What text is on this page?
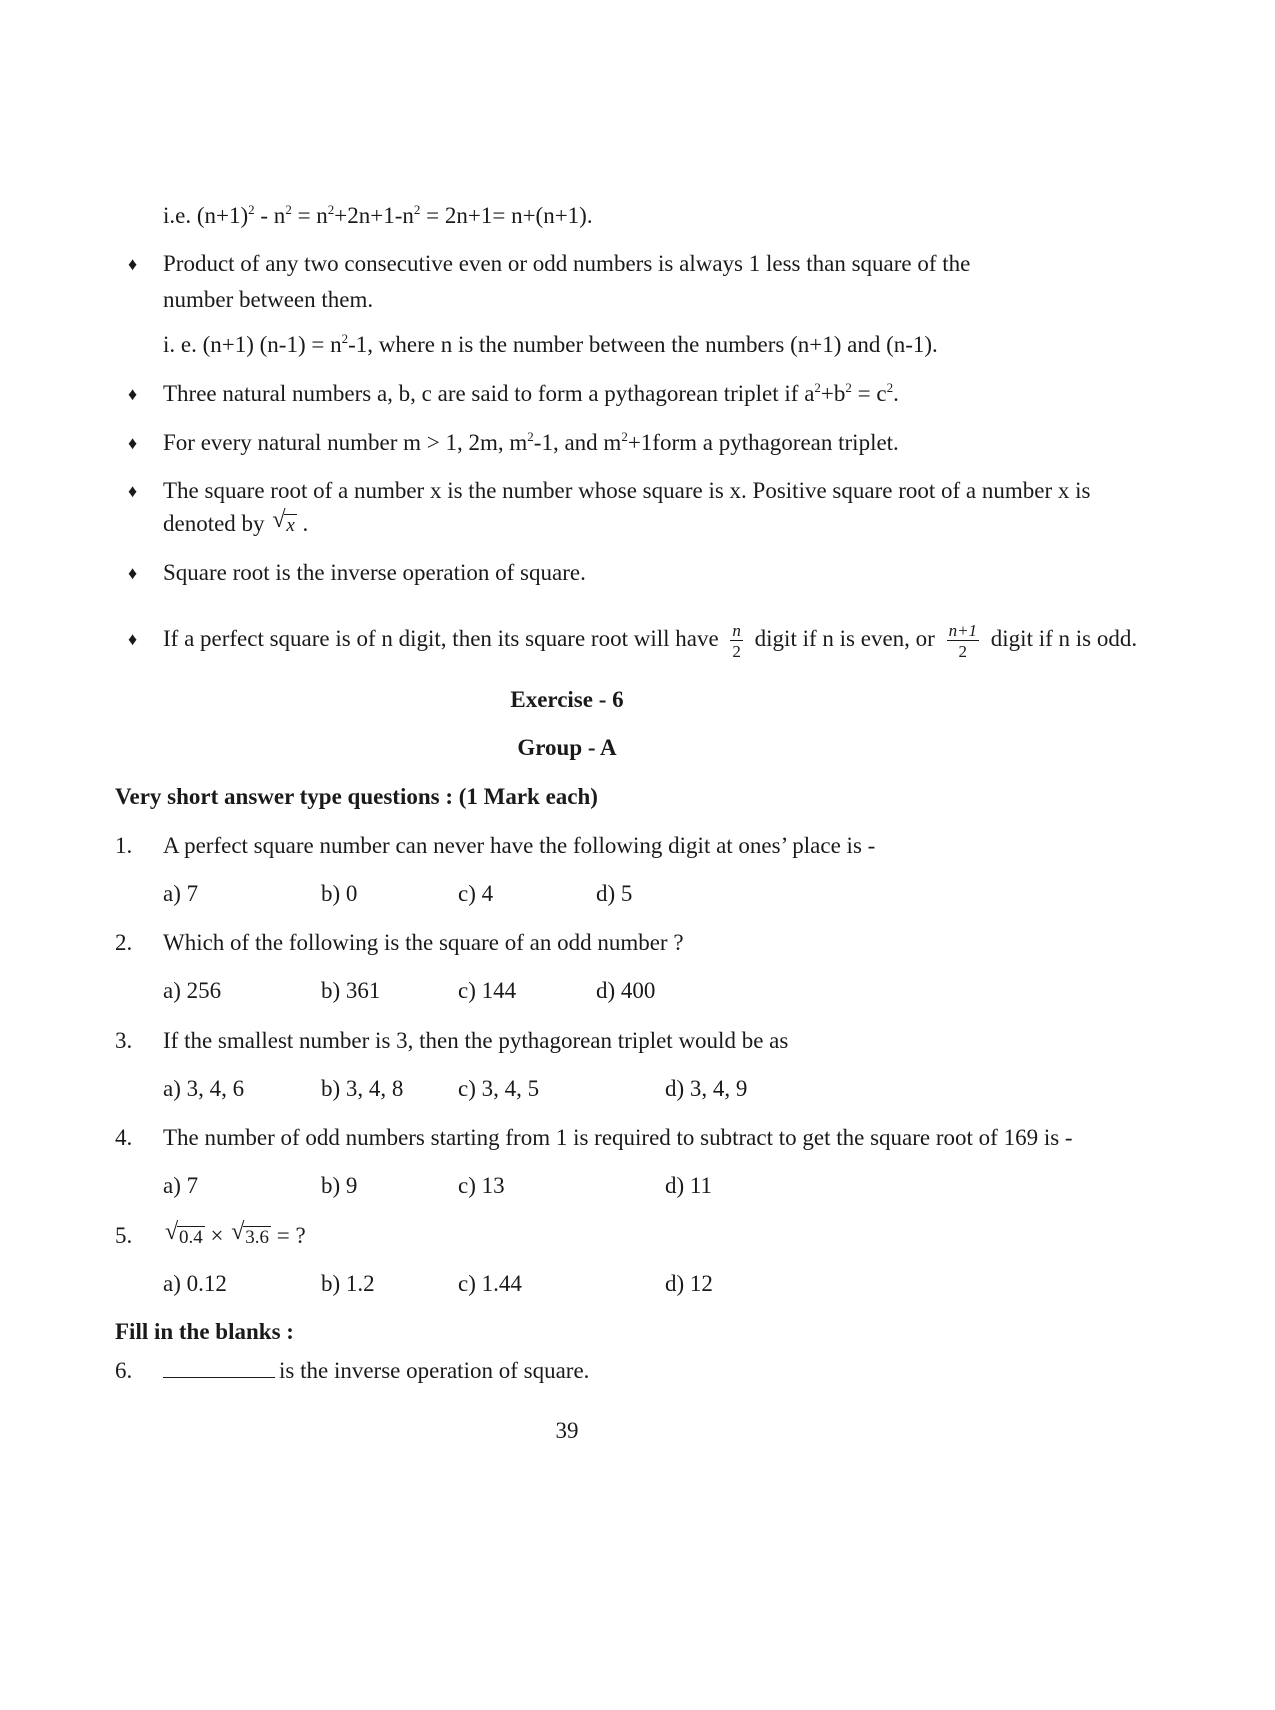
i.e. $(n+1)^2 - n^2 = n^2+2n+1-n^2 = 2n+1= n+(n+1)$.
♦ Product of any two consecutive even or odd numbers is always 1 less than square of the number between them.
i. e. (n+1) $(n-1) = n^2-1$, where n is the number between the numbers (n+1) and (n-1).
♦ Three natural numbers a, b, c are said to form a pythagorean triplet if $a^2+b^2 = c^2$.
♦ For every natural number m > 1, 2m, $m^2-1$, and $m^2+1form$ a pythagorean triplet.
♦ The square root of a number x is the number whose square is x. Positive square root of a number x is
denoted by √ x .
♦ Square root is the inverse operation of square.
♦ If a perfect square is of n digit, then its square root will have $\frac{n}{2}$ digit if n is even, or $\frac{n+1}{2}$ digit if n is odd.
Exercise - 6
Group - A
Very short answer type questions : (1 Mark each)
1. A perfect square number can never have the following digit at ones’ place is -
a) 7	b) 0	c) 4	d) 5
2. Which of the following is the square of an odd number ?
a) 256	b) 361	c) 144	d) 400
3. If the smallest number is 3, then the pythagorean triplet would be as
a) 3, 4, 6	b) 3, 4, 8 c) 3, 4, 5	d) 3, 4, 9
4. The number of odd numbers starting from 1 is required to subtract to get the square root of 169 is -
a) 7	b) 9	c) 13	d) 11
5. √ 0.4 × √ 3.6 = ?
a) 0.12	b) 1.2	c) 1.44	d) 12
Fill in the blanks :
6.	is the inverse operation of square.
39
